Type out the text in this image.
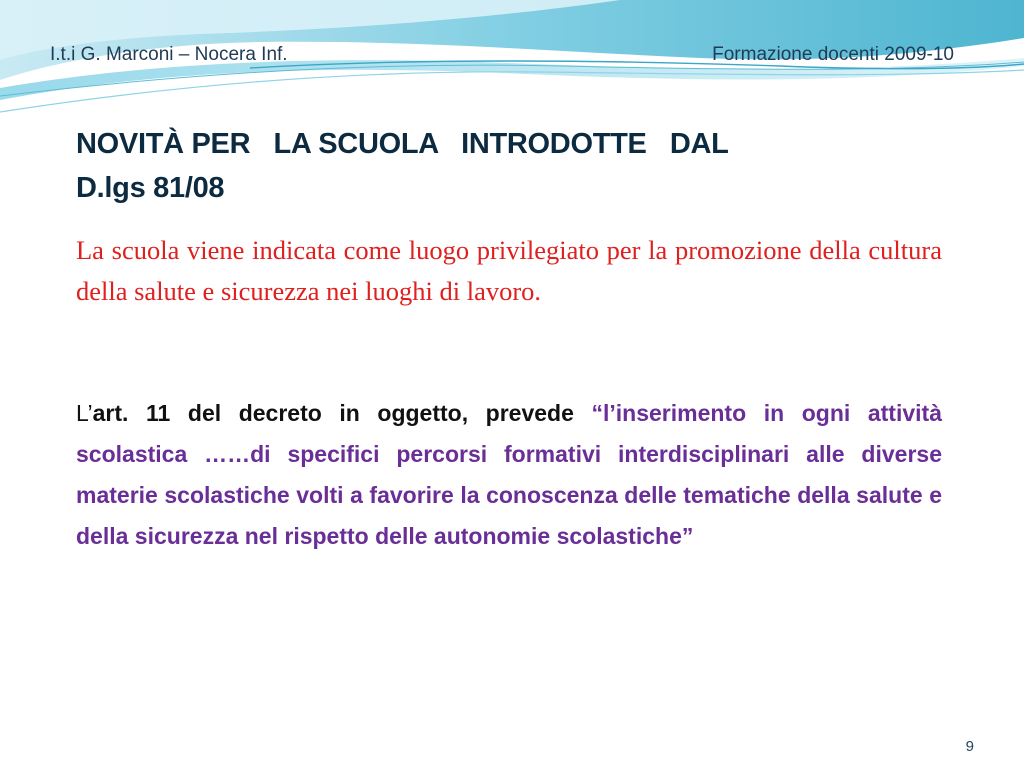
I.t.i G. Marconi – Nocera Inf.	Formazione docenti 2009-10
NOVITÀ PER   LA SCUOLA   INTRODOTTE   DAL
D.lgs 81/08

La scuola viene indicata come luogo privilegiato per la promozione della cultura della salute e sicurezza nei luoghi di lavoro.

L’art. 11 del decreto in oggetto, prevede “l’inserimento in ogni attività scolastica ……di specifici percorsi formativi interdisciplinari alle diverse materie scolastiche volti a favorire la conoscenza delle tematiche della salute e della sicurezza nel rispetto delle autonomie scolastiche”

9
